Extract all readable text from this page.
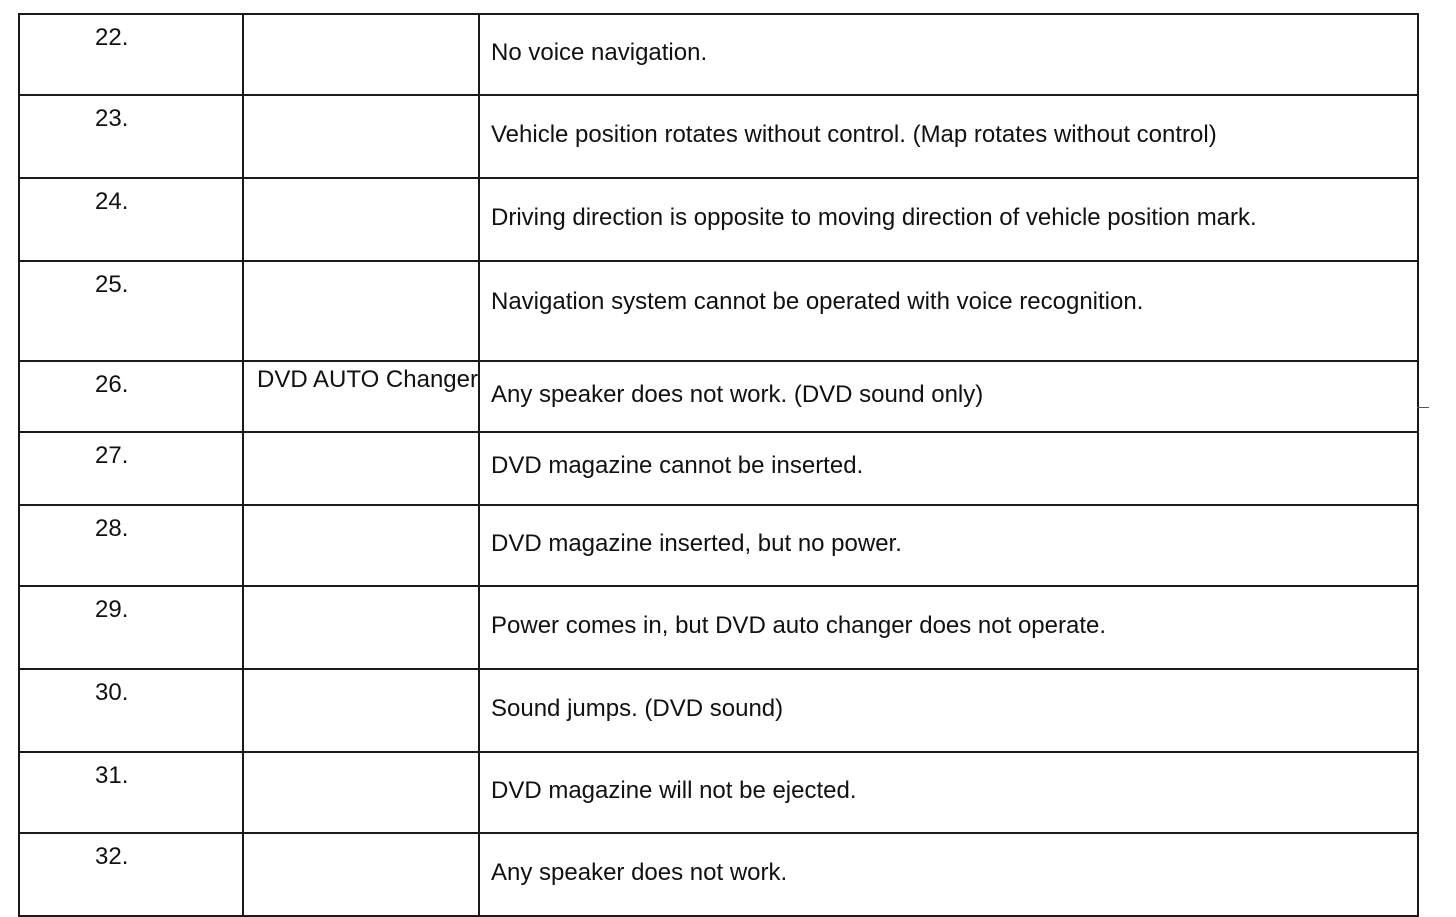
22.		No voice navigation.

23.		Vehicle position rotates without control. (Map rotates without control)

24.		Driving direction is opposite to moving direction of vehicle position mark.

25.		Navigation system cannot be operated with voice recognition.

26.	DVD AUTO Changer	Any speaker does not work. (DVD sound only)

27.		DVD magazine cannot be inserted.

28.		DVD magazine inserted, but no power.

29.		Power comes in, but DVD auto changer does not operate.

30.		Sound jumps. (DVD sound)

31.		DVD magazine will not be ejected.

32.		Any speaker does not work.
